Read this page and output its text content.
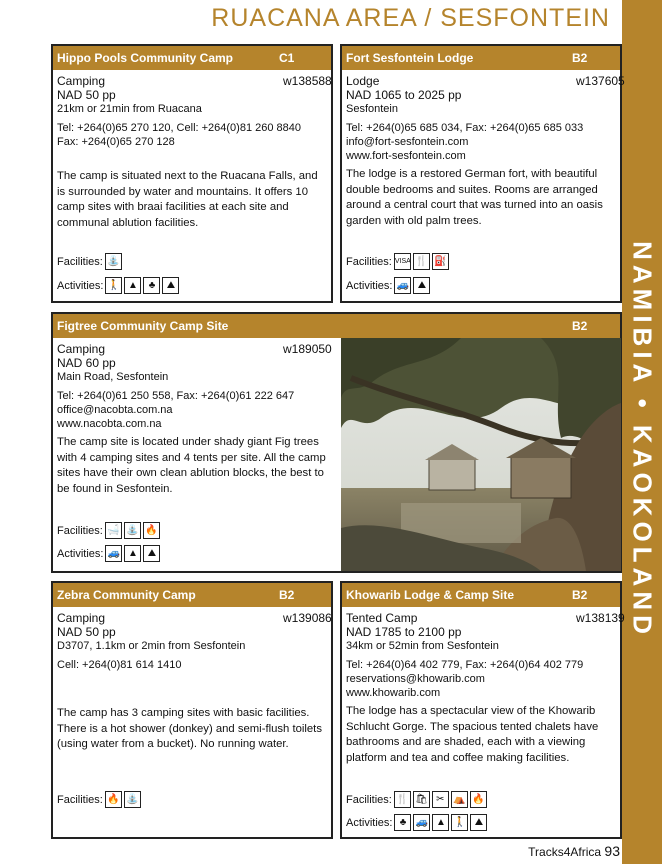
NAMIBIA • KAOKOLAND
RUACANA AREA / SESFONTEIN
Hippo Pools Community Camp	C1
Camping	w138588
NAD 50 pp
21km or 21min from Ruacana
Tel: +264(0)65 270 120, Cell: +264(0)81 260 8840
Fax: +264(0)65 270 128
The camp is situated next to the Ruacana Falls, and is surrounded by water and mountains. It offers 10 camp sites with braai facilities at each site and communal ablution facilities.
Facilities: ⛲
Activities: 🚶 ▲	♣	⛰
Fort Sesfontein Lodge	B2
Lodge	w137605
NAD 1065 to 2025 pp
Sesfontein
Tel: +264(0)65 685 034, Fax: +264(0)65 685 033
info@fort-sesfontein.com
www.fort-sesfontein.com
The lodge is a restored German fort, with beautiful double bedrooms and suites. Rooms are arranged around a central court that was turned into an oasis garden with old palm trees.
Facilities: VISA 🍴 ⛽
Activities: 🚙 ⛰
Figtree Community Camp Site	B2
Camping	w189050
NAD 60 pp
Main Road, Sesfontein
Tel: +264(0)61 250 558, Fax: +264(0)61 222 647
office@nacobta.com.na
www.nacobta.com.na
The camp site is located under shady giant Fig trees with 4 camping sites and 4 tents per site. All the camp sites have their own clean ablution blocks, the best to be found in Sesfontein.
Facilities: 🛁 ⛲ 🔥
Activities: 🚙 ▲ ⛰
Zebra Community Camp	B2
Camping	w139086
NAD 50 pp
D3707, 1.1km or 2min from Sesfontein
Cell: +264(0)81 614 1410
The camp has 3 camping sites with basic facilities. There is a hot shower (donkey) and semi-flush toilets (using water from a bucket). No running water.
Facilities: 🔥 ⛲
Khowarib Lodge & Camp Site	B2
Tented Camp	w138139
NAD 1785 to 2100 pp
34km or 52min from Sesfontein
Tel: +264(0)64 402 779, Fax: +264(0)64 402 779
reservations@khowarib.com
www.khowarib.com
The lodge has a spectacular view of the Khowarib Schlucht Gorge. The spacious tented chalets have bathrooms and are shaded, each with a viewing platform and tea and coffee making facilities.
Facilities: 🍴 🛍 ✂ ⛺ 🔥
Activities: ♣ 🚙 ▲ 🚶 ⛰
Tracks4Africa 93
